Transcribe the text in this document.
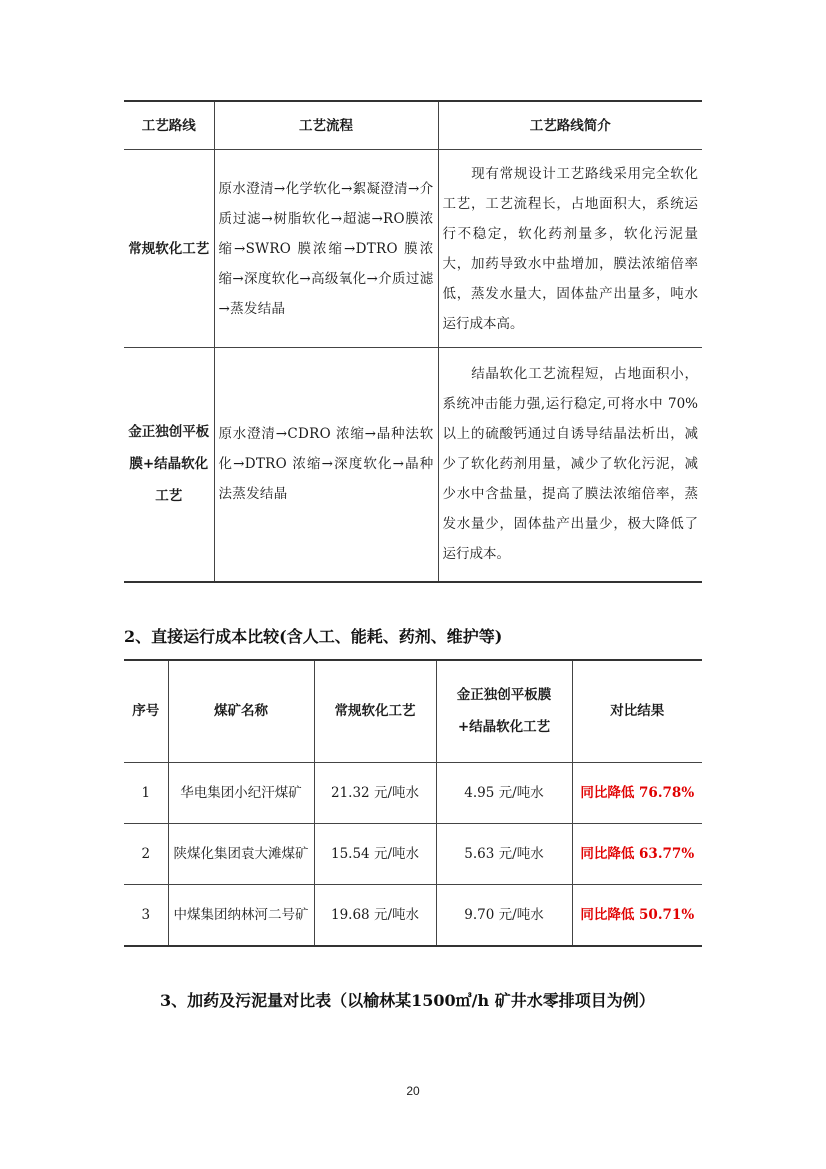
工艺路线	工艺流程	工艺路线简介
常规软化工艺	原水澄清→化学软化→絮凝澄清→介质过滤→树脂软化→超滤→RO膜浓缩→SWRO 膜浓缩→DTRO 膜浓缩→深度软化→高级氧化→介质过滤→蒸发结晶	现有常规设计工艺路线采用完全软化工艺，工艺流程长，占地面积大，系统运行不稳定，软化药剂量多，软化污泥量大，加药导致水中盐增加，膜法浓缩倍率低，蒸发水量大，固体盐产出量多，吨水运行成本高。
金正独创平板膜+结晶软化工艺	原水澄清→CDRO 浓缩→晶种法软化→DTRO 浓缩→深度软化→晶种法蒸发结晶	结晶软化工艺流程短，占地面积小，系统冲击能力强,运行稳定,可将水中 70%以上的硫酸钙通过自诱导结晶法析出，减少了软化药剂用量，减少了软化污泥，减少水中含盐量，提高了膜法浓缩倍率，蒸发水量少，固体盐产出量少，极大降低了运行成本。
2、直接运行成本比较(含人工、能耗、药剂、维护等)
序号	煤矿名称	常规软化工艺	金正独创平板膜+结晶软化工艺	对比结果
1	华电集团小纪汗煤矿	21.32 元/吨水	4.95 元/吨水	同比降低 76.78%
2	陕煤化集团袁大滩煤矿	15.54 元/吨水	5.63 元/吨水	同比降低 63.77%
3	中煤集团纳林河二号矿	19.68 元/吨水	9.70 元/吨水	同比降低 50.71%
3、加药及污泥量对比表（以榆林某1500㎥/h 矿井水零排项目为例）
20
